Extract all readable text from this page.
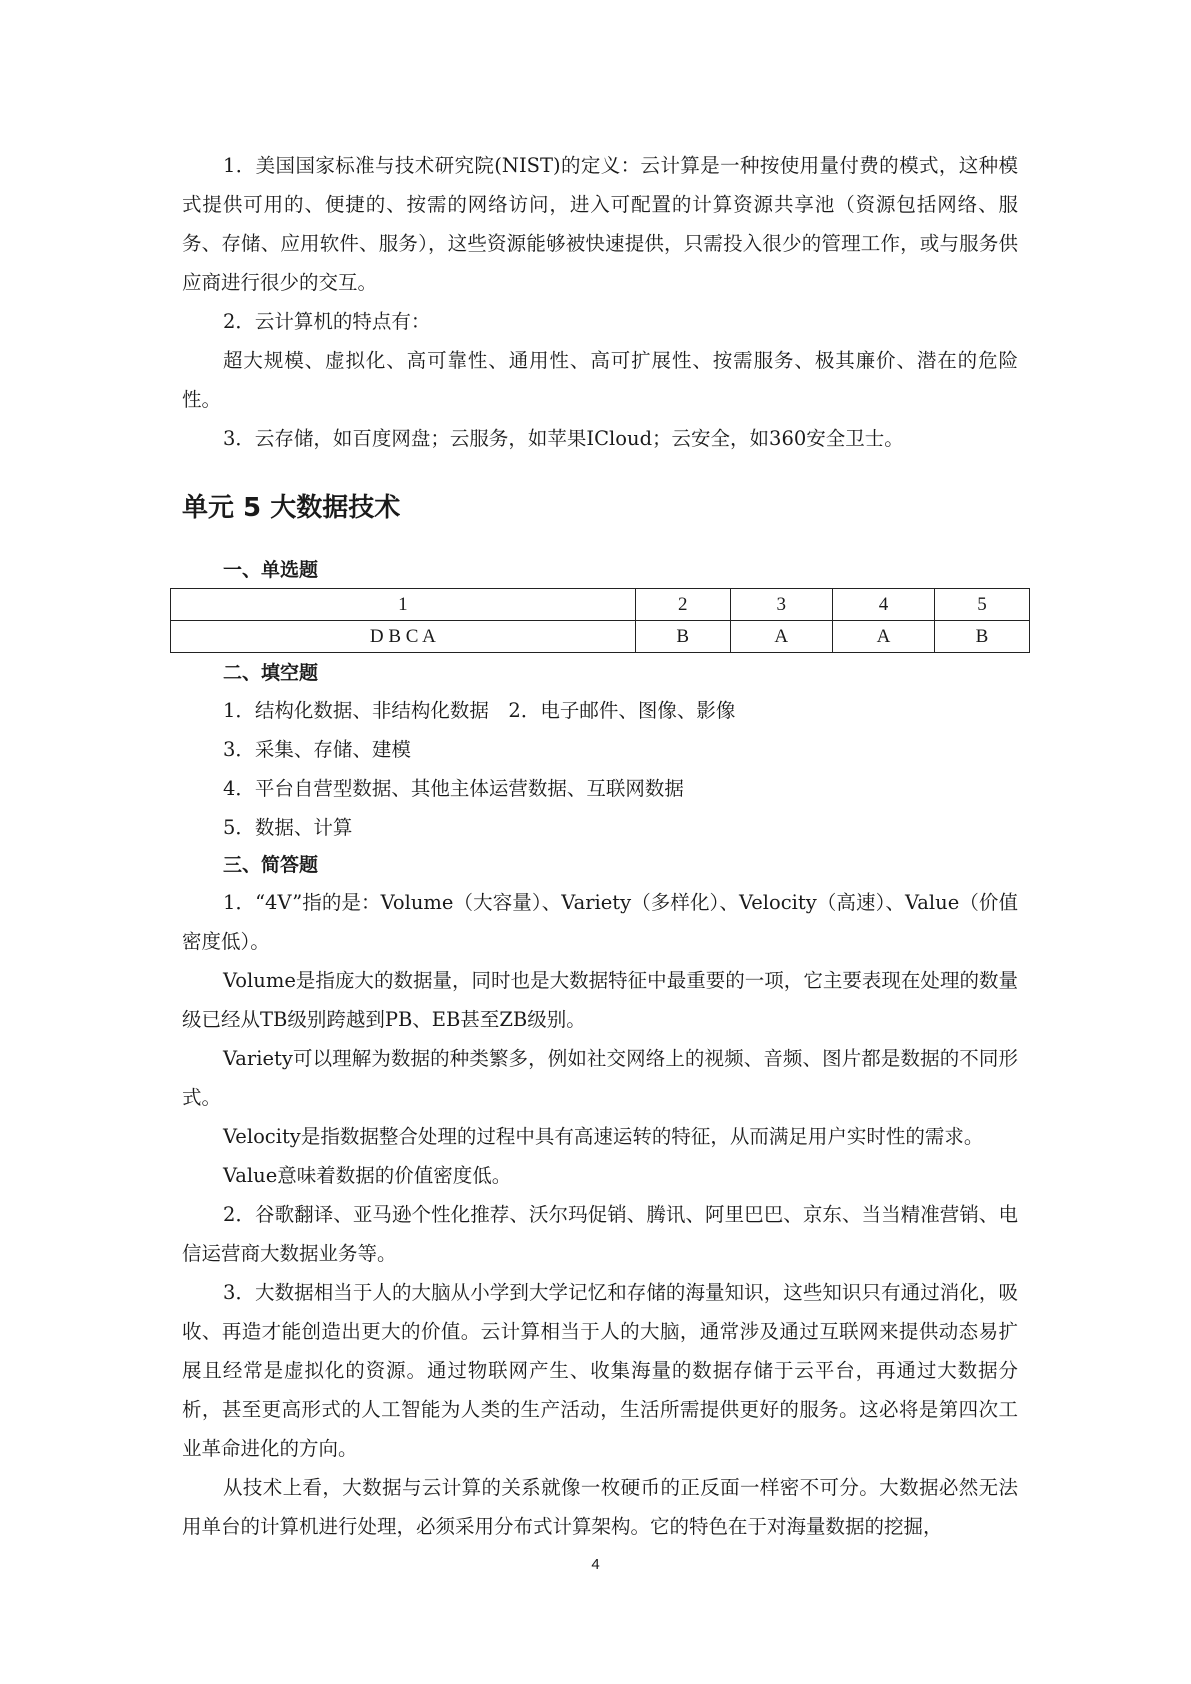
1．美国国家标准与技术研究院(NIST)的定义：云计算是一种按使用量付费的模式，这种模式提供可用的、便捷的、按需的网络访问，进入可配置的计算资源共享池（资源包括网络、服务、存储、应用软件、服务），这些资源能够被快速提供，只需投入很少的管理工作，或与服务供应商进行很少的交互。

2．云计算机的特点有：

超大规模、虚拟化、高可靠性、通用性、高可扩展性、按需服务、极其廉价、潜在的危险性。

3．云存储，如百度网盘；云服务，如苹果ICloud；云安全，如360安全卫士。

单元 5 大数据技术
一、单选题
1	2	3	4	5
D B C A	B	A	A	B
二、填空题

1．结构化数据、非结构化数据　2．电子邮件、图像、影像

3．采集、存储、建模

4．平台自营型数据、其他主体运营数据、互联网数据

5．数据、计算

三、简答题

1．“4V”指的是：Volume（大容量）、Variety（多样化）、Velocity（高速）、Value（价值密度低）。

Volume是指庞大的数据量，同时也是大数据特征中最重要的一项，它主要表现在处理的数量级已经从TB级别跨越到PB、EB甚至ZB级别。

Variety可以理解为数据的种类繁多，例如社交网络上的视频、音频、图片都是数据的不同形式。

Velocity是指数据整合处理的过程中具有高速运转的特征，从而满足用户实时性的需求。

Value意味着数据的价值密度低。

2．谷歌翻译、亚马逊个性化推荐、沃尔玛促销、腾讯、阿里巴巴、京东、当当精准营销、电信运营商大数据业务等。

3．大数据相当于人的大脑从小学到大学记忆和存储的海量知识，这些知识只有通过消化，吸收、再造才能创造出更大的价值。云计算相当于人的大脑，通常涉及通过互联网来提供动态易扩展且经常是虚拟化的资源。通过物联网产生、收集海量的数据存储于云平台，再通过大数据分析，甚至更高形式的人工智能为人类的生产活动，生活所需提供更好的服务。这必将是第四次工业革命进化的方向。

从技术上看，大数据与云计算的关系就像一枚硬币的正反面一样密不可分。大数据必然无法用单台的计算机进行处理，必须采用分布式计算架构。它的特色在于对海量数据的挖掘，

4
